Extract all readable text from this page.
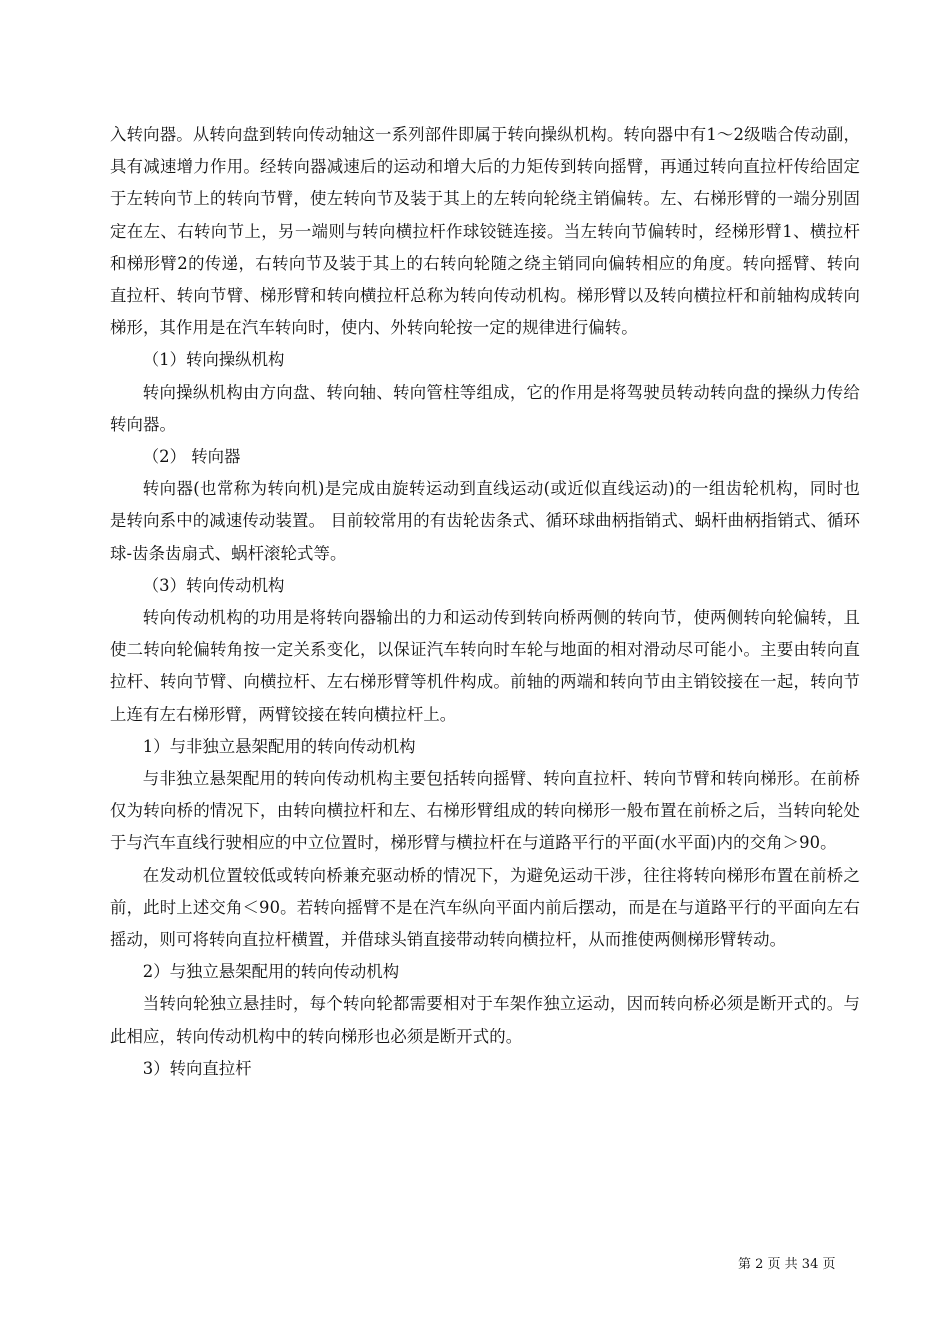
入转向器。从转向盘到转向传动轴这一系列部件即属于转向操纵机构。转向器中有1～2级啮合传动副，具有减速增力作用。经转向器减速后的运动和增大后的力矩传到转向摇臂，再通过转向直拉杆传给固定于左转向节上的转向节臂，使左转向节及装于其上的左转向轮绕主销偏转。左、右梯形臂的一端分别固定在左、右转向节上，另一端则与转向横拉杆作球铰链连接。当左转向节偏转时，经梯形臂1、横拉杆和梯形臂2的传递，右转向节及装于其上的右转向轮随之绕主销同向偏转相应的角度。转向摇臂、转向直拉杆、转向节臂、梯形臂和转向横拉杆总称为转向传动机构。梯形臂以及转向横拉杆和前轴构成转向梯形，其作用是在汽车转向时，使内、外转向轮按一定的规律进行偏转。

（1）转向操纵机构

转向操纵机构由方向盘、转向轴、转向管柱等组成，它的作用是将驾驶员转动转向盘的操纵力传给转向器。

（2） 转向器

转向器(也常称为转向机)是完成由旋转运动到直线运动(或近似直线运动)的一组齿轮机构，同时也是转向系中的减速传动装置。 目前较常用的有齿轮齿条式、循环球曲柄指销式、蜗杆曲柄指销式、循环球-齿条齿扇式、蜗杆滚轮式等。

（3）转向传动机构

转向传动机构的功用是将转向器输出的力和运动传到转向桥两侧的转向节，使两侧转向轮偏转，且使二转向轮偏转角按一定关系变化，以保证汽车转向时车轮与地面的相对滑动尽可能小。主要由转向直拉杆、转向节臂、向横拉杆、左右梯形臂等机件构成。前轴的两端和转向节由主销铰接在一起，转向节上连有左右梯形臂，两臂铰接在转向横拉杆上。

1）与非独立悬架配用的转向传动机构

与非独立悬架配用的转向传动机构主要包括转向摇臂、转向直拉杆、转向节臂和转向梯形。在前桥仅为转向桥的情况下，由转向横拉杆和左、右梯形臂组成的转向梯形一般布置在前桥之后，当转向轮处于与汽车直线行驶相应的中立位置时，梯形臂与横拉杆在与道路平行的平面(水平面)内的交角＞90。

在发动机位置较低或转向桥兼充驱动桥的情况下，为避免运动干涉，往往将转向梯形布置在前桥之前，此时上述交角＜90。若转向摇臂不是在汽车纵向平面内前后摆动，而是在与道路平行的平面向左右摇动，则可将转向直拉杆横置，并借球头销直接带动转向横拉杆，从而推使两侧梯形臂转动。

2）与独立悬架配用的转向传动机构

当转向轮独立悬挂时，每个转向轮都需要相对于车架作独立运动，因而转向桥必须是断开式的。与此相应，转向传动机构中的转向梯形也必须是断开式的。

3）转向直拉杆

第 2 页 共 34 页
